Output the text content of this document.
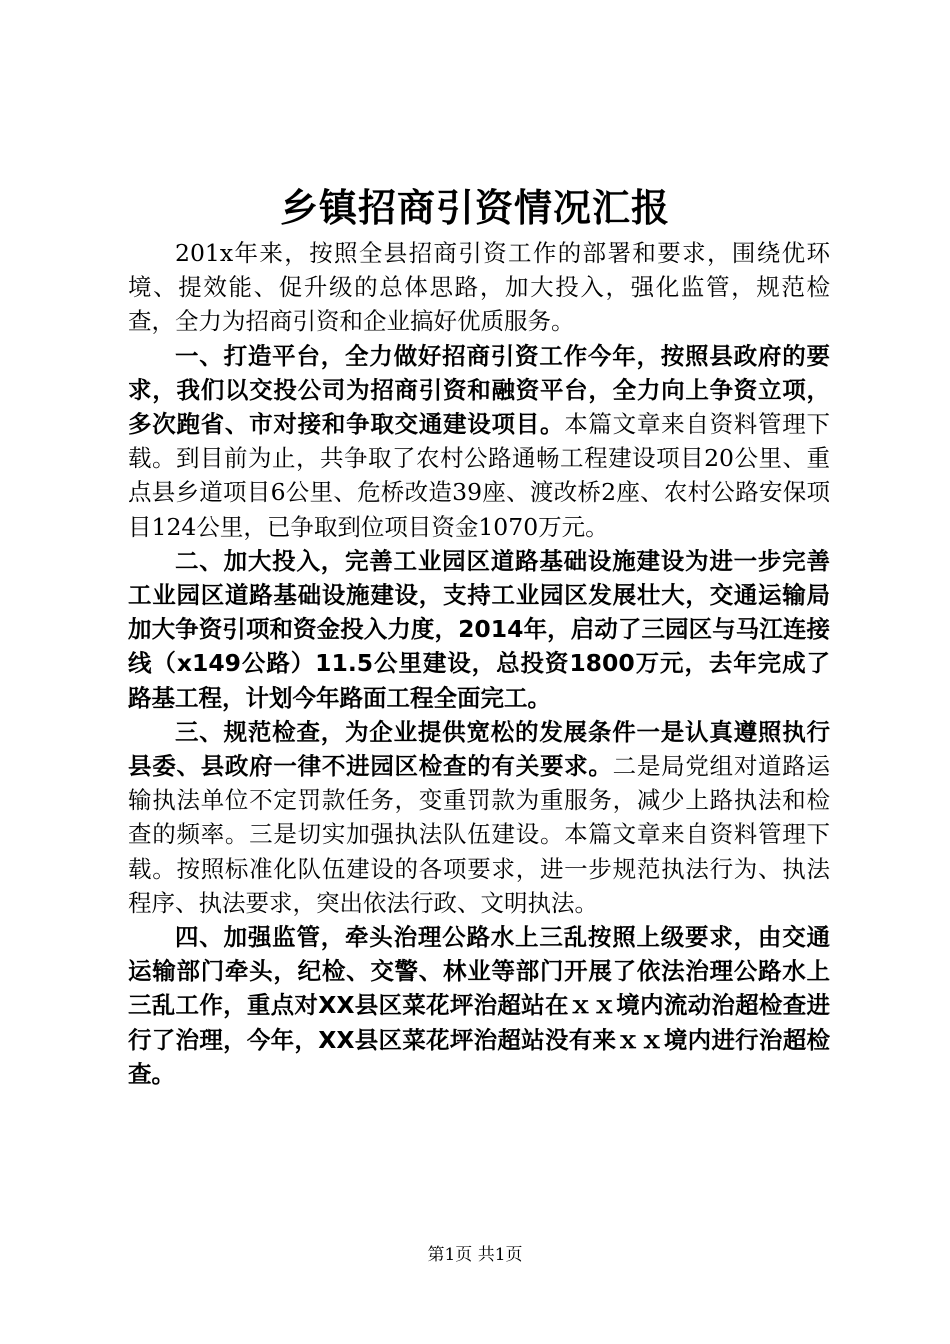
乡镇招商引资情况汇报

201x年来，按照全县招商引资工作的部署和要求，围绕优环境、提效能、促升级的总体思路，加大投入，强化监管，规范检查，全力为招商引资和企业搞好优质服务。

一、打造平台，全力做好招商引资工作今年，按照县政府的要求，我们以交投公司为招商引资和融资平台，全力向上争资立项，多次跑省、市对接和争取交通建设项目。本篇文章来自资料管理下载。到目前为止，共争取了农村公路通畅工程建设项目20公里、重点县乡道项目6公里、危桥改造39座、渡改桥2座、农村公路安保项目124公里，已争取到位项目资金1070万元。

二、加大投入，完善工业园区道路基础设施建设为进一步完善工业园区道路基础设施建设，支持工业园区发展壮大，交通运输局加大争资引项和资金投入力度，2014年，启动了三园区与马江连接线（x149公路）11.5公里建设，总投资1800万元，去年完成了路基工程，计划今年路面工程全面完工。

三、规范检查，为企业提供宽松的发展条件一是认真遵照执行县委、县政府一律不进园区检查的有关要求。二是局党组对道路运输执法单位不定罚款任务，变重罚款为重服务，减少上路执法和检查的频率。三是切实加强执法队伍建设。本篇文章来自资料管理下载。按照标准化队伍建设的各项要求，进一步规范执法行为、执法程序、执法要求，突出依法行政、文明执法。

四、加强监管，牵头治理公路水上三乱按照上级要求，由交通运输部门牵头，纪检、交警、林业等部门开展了依法治理公路水上三乱工作，重点对XX县区菜花坪治超站在ｘｘ境内流动治超检查进行了治理，今年，XX县区菜花坪治超站没有来ｘｘ境内进行治超检查。

第1页 共1页
